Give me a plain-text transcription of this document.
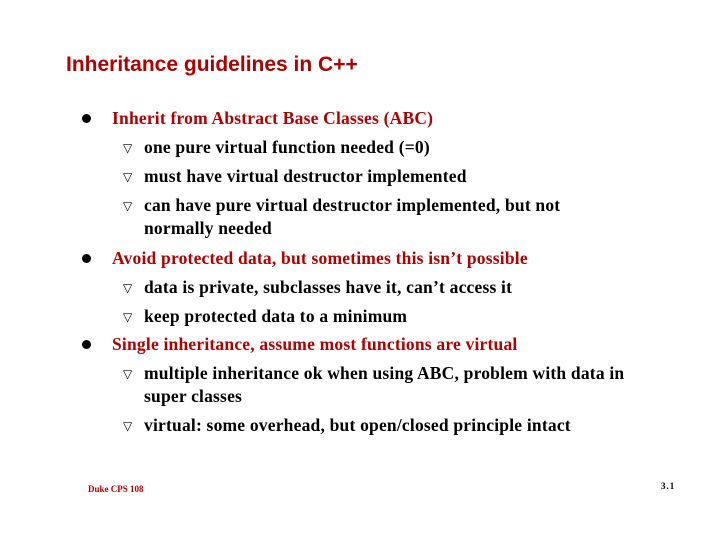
Inheritance guidelines in C++
Inherit from Abstract Base Classes (ABC)
▽ one pure virtual function needed (=0)
▽ must have virtual destructor implemented
▽ can have pure virtual destructor implemented, but not
normally needed
Avoid protected data, but sometimes this isn’t possible
▽ data is private, subclasses have it, can’t access it
▽ keep protected data to a minimum
Single inheritance, assume most functions are virtual
▽ multiple inheritance ok when using ABC, problem with data in
super classes
▽ virtual: some overhead, but open/closed principle intact
Duke CPS 108	3.1
